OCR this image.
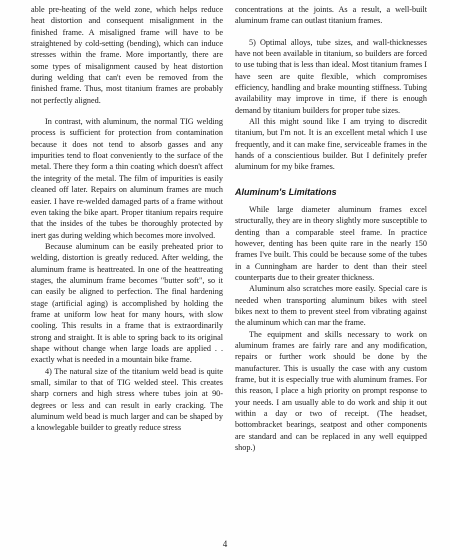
able pre-heating of the weld zone, which helps reduce heat distortion and consequent misalignment in the finished frame. A misaligned frame will have to be straightened by cold-setting (bending), which can induce stresses within the frame. More importantly, there are some types of misalignment caused by heat distortion during welding that can't even be removed from the finished frame. Thus, most titanium frames are probably not perfectly aligned.

In contrast, with aluminum, the normal TIG welding process is sufficient for protection from contamination because it does not tend to absorb gasses and any impurities tend to float conveniently to the surface of the metal. There they form a thin coating which doesn't affect the integrity of the metal. The film of impurities is easily cleaned off later. Repairs on aluminum frames are much easier. I have re-welded damaged parts of a frame without even taking the bike apart. Proper titanium repairs require that the insides of the tubes be thoroughly protected by inert gas during welding which becomes more involved.

Because aluminum can be easily preheated prior to welding, distortion is greatly reduced. After welding, the aluminum frame is heattreated. In one of the heattreating stages, the aluminum frame becomes "butter soft", so it can easily be aligned to perfection. The final hardening stage (artificial aging) is accomplished by holding the frame at uniform low heat for many hours, with slow cooling. This results in a frame that is extraordinarily strong and straight. It is able to spring back to its original shape without change when large loads are applied . . exactly what is needed in a mountain bike frame.

4) The natural size of the titanium weld bead is quite small, similar to that of TIG welded steel. This creates sharp corners and high stress where tubes join at 90-degrees or less and can result in early cracking. The aluminum weld bead is much larger and can be shaped by a knowlegable builder to greatly reduce stress

concentrations at the joints. As a result, a well-built aluminum frame can outlast titanium frames.

5) Optimal alloys, tube sizes, and wall-thicknesses have not been available in titanium, so builders are forced to use tubing that is less than ideal. Most titanium frames I have seen are quite flexible, which compromises efficiency, handling and brake mounting stiffness. Tubing availability may improve in time, if there is enough demand by titanium builders for proper tube sizes.

All this might sound like I am trying to discredit titanium, but I'm not. It is an excellent metal which I use frequently, and it can make fine, serviceable frames in the hands of a conscientious builder. But I definitely prefer aluminum for my bike frames.

Aluminum's Limitations

While large diameter aluminum frames excel structurally, they are in theory slightly more susceptible to denting than a comparable steel frame. In practice however, denting has been quite rare in the nearly 150 frames I've built. This could be because some of the tubes in a Cunningham are harder to dent than their steel counterparts due to their greater thickness.

Aluminum also scratches more easily. Special care is needed when transporting aluminum bikes with steel bikes next to them to prevent steel from vibrating against the aluminum which can mar the frame.

The equipment and skills necessary to work on aluminum frames are fairly rare and any modification, repairs or further work should be done by the manufacturer. This is usually the case with any custom frame, but it is especially true with aluminum frames. For this reason, I place a high priority on prompt response to your needs. I am usually able to do work and ship it out within a day or two of receipt. (The headset, bottombracket bearings, seatpost and other components are standard and can be replaced in any well equipped shop.)

4
